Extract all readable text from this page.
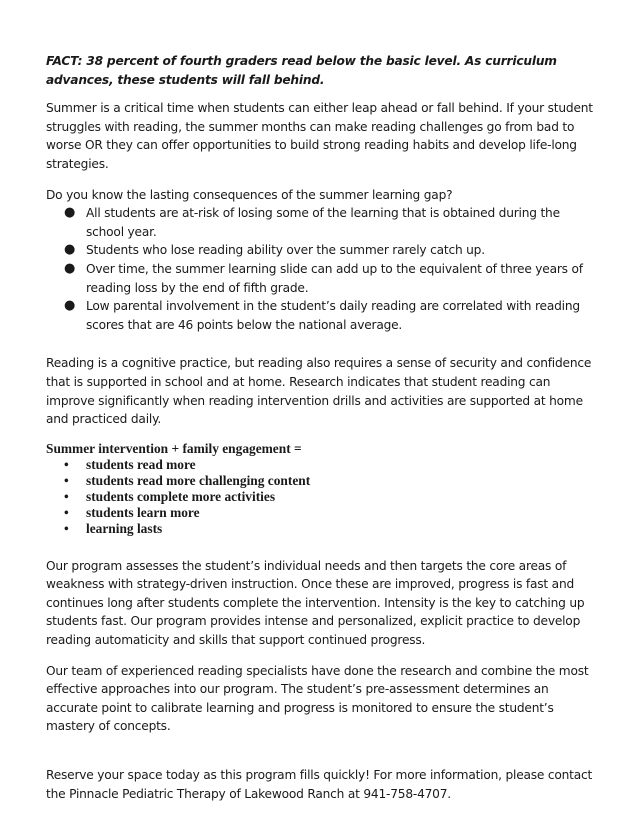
FACT: 38 percent of fourth graders read below the basic level. As curriculum advances, these students will fall behind.

Summer is a critical time when students can either leap ahead or fall behind. If your student struggles with reading, the summer months can make reading challenges go from bad to worse OR they can offer opportunities to build strong reading habits and develop life-long strategies.

Do you know the lasting consequences of the summer learning gap?

● All students are at-risk of losing some of the learning that is obtained during the school year.
● Students who lose reading ability over the summer rarely catch up.
● Over time, the summer learning slide can add up to the equivalent of three years of reading loss by the end of fifth grade.
● Low parental involvement in the student’s daily reading are correlated with reading scores that are 46 points below the national average.

Reading is a cognitive practice, but reading also requires a sense of security and confidence that is supported in school and at home. Research indicates that student reading can improve significantly when reading intervention drills and activities are supported at home and practiced daily.

Summer intervention + family engagement =
• students read more
• students read more challenging content
• students complete more activities
• students learn more
• learning lasts

Our program assesses the student’s individual needs and then targets the core areas of weakness with strategy-driven instruction. Once these are improved, progress is fast and continues long after students complete the intervention. Intensity is the key to catching up students fast. Our program provides intense and personalized, explicit practice to develop reading automaticity and skills that support continued progress.

Our team of experienced reading specialists have done the research and combine the most effective approaches into our program. The student’s pre-assessment determines an accurate point to calibrate learning and progress is monitored to ensure the student’s mastery of concepts.

Reserve your space today as this program fills quickly! For more information, please contact the Pinnacle Pediatric Therapy of Lakewood Ranch at 941-758-4707.
